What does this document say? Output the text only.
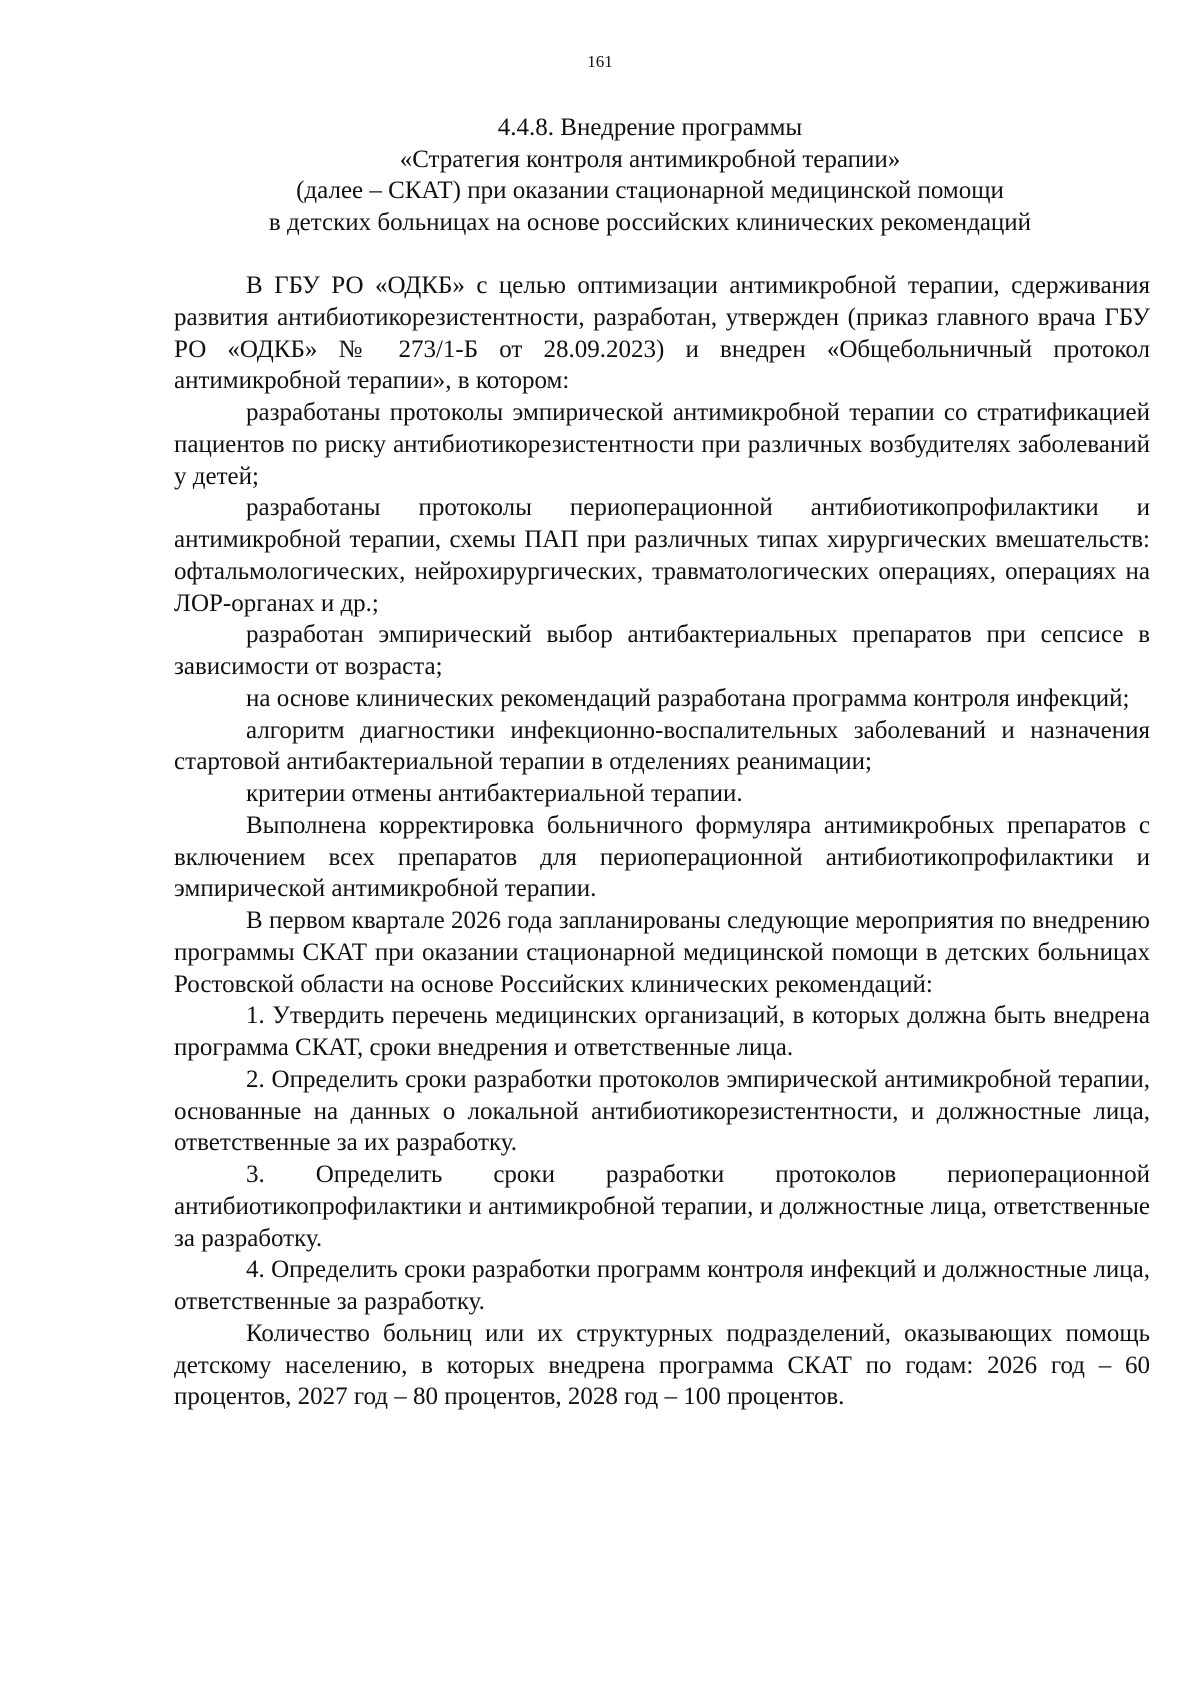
161
4.4.8. Внедрение программы
«Стратегия контроля антимикробной терапии»
(далее – СКАТ) при оказании стационарной медицинской помощи
в детских больницах на основе российских клинических рекомендаций

В ГБУ РО «ОДКБ» с целью оптимизации антимикробной терапии, сдерживания развития антибиотикорезистентности, разработан, утвержден (приказ главного врача ГБУ РО «ОДКБ» № 273/1-Б от 28.09.2023) и внедрен «Общебольничный протокол антимикробной терапии», в котором:

разработаны протоколы эмпирической антимикробной терапии со стратификацией пациентов по риску антибиотикорезистентности при различных возбудителях заболеваний у детей;

разработаны протоколы периоперационной антибиотикопрофилактики и антимикробной терапии, схемы ПАП при различных типах хирургических вмешательств: офтальмологических, нейрохирургических, травматологических операциях, операциях на ЛОР-органах и др.;

разработан эмпирический выбор антибактериальных препаратов при сепсисе в зависимости от возраста;

на основе клинических рекомендаций разработана программа контроля инфекций;

алгоритм диагностики инфекционно-воспалительных заболеваний и назначения стартовой антибактериальной терапии в отделениях реанимации;

критерии отмены антибактериальной терапии.

Выполнена корректировка больничного формуляра антимикробных препаратов с включением всех препаратов для периоперационной антибиотикопрофилактики и эмпирической антимикробной терапии.

В первом квартале 2026 года запланированы следующие мероприятия по внедрению программы СКАТ при оказании стационарной медицинской помощи в детских больницах Ростовской области на основе Российских клинических рекомендаций:

1. Утвердить перечень медицинских организаций, в которых должна быть внедрена программа СКАТ, сроки внедрения и ответственные лица.

2. Определить сроки разработки протоколов эмпирической антимикробной терапии, основанные на данных о локальной антибиотикорезистентности, и должностные лица, ответственные за их разработку.

3. Определить сроки разработки протоколов периоперационной антибиотикопрофилактики и антимикробной терапии, и должностные лица, ответственные за разработку.

4. Определить сроки разработки программ контроля инфекций и должностные лица, ответственные за разработку.

Количество больниц или их структурных подразделений, оказывающих помощь детскому населению, в которых внедрена программа СКАТ по годам: 2026 год – 60 процентов, 2027 год – 80 процентов, 2028 год – 100 процентов.
